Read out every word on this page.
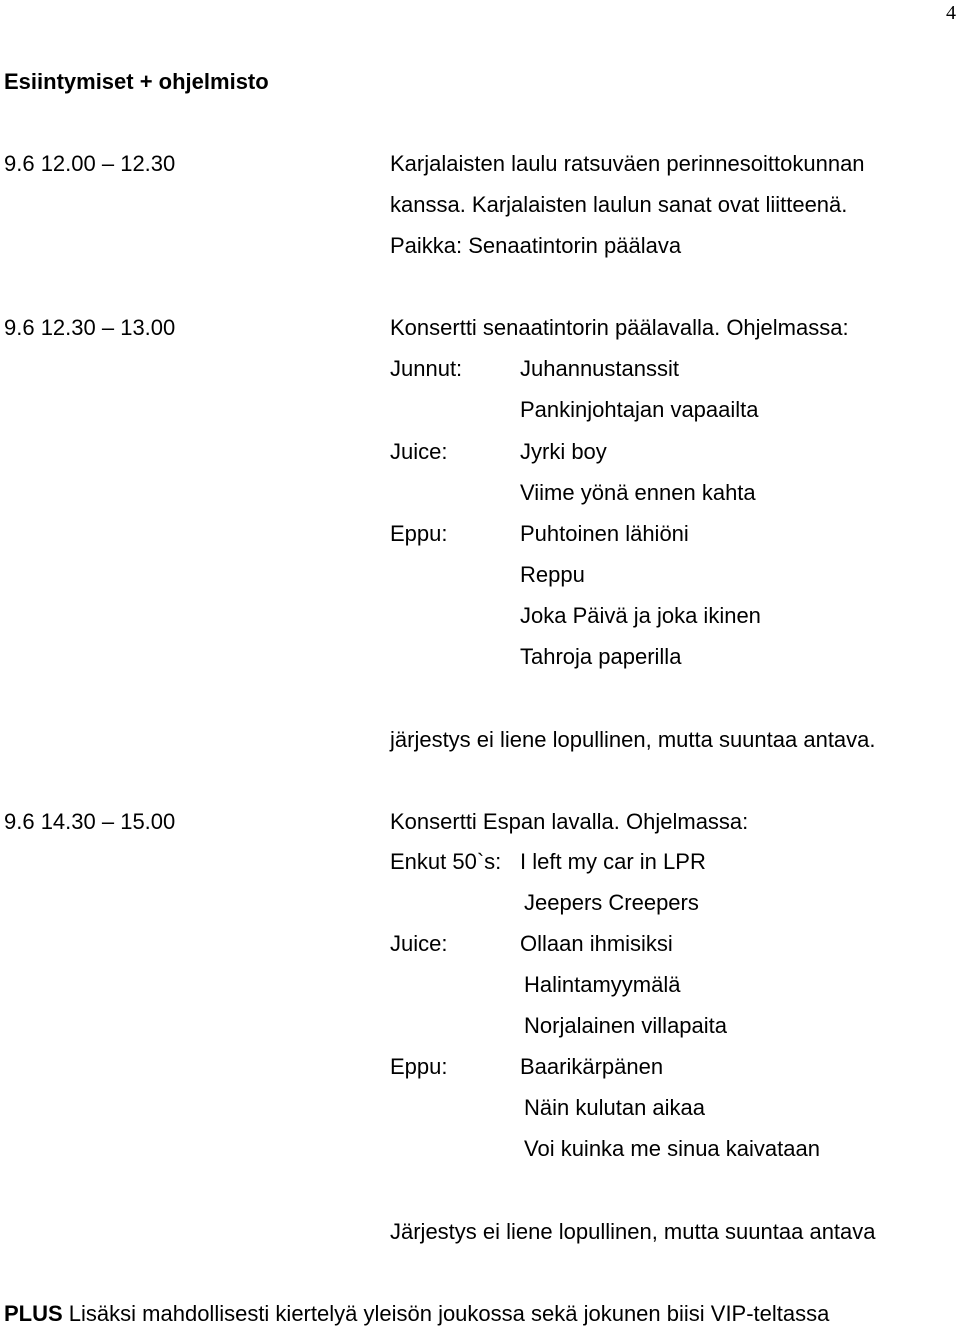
4
Esiintymiset + ohjelmisto
9.6 12.00 – 12.30	Karjalaisten laulu ratsuväen perinnesoittokunnan
kanssa. Karjalaisten laulun sanat ovat liitteenä.
Paikka: Senaatintorin päälava
9.6 12.30 – 13.00	Konsertti senaatintorin päälavalla. Ohjelmassa:
Junnut:	Juhannustanssit
Pankinjohtajan vapaailta
Juice:	Jyrki boy
Viime yönä ennen kahta
Eppu:	Puhtoinen lähiöni
Reppu
Joka Päivä ja joka ikinen
Tahroja paperilla
järjestys ei liene lopullinen, mutta suuntaa antava.
9.6 14.30 – 15.00	Konsertti Espan lavalla. Ohjelmassa:
Enkut 50`s: I left my car in LPR
Jeepers Creepers
Juice:	Ollaan ihmisiksi
Halintamyymälä
Norjalainen villapaita
Eppu:	Baarikärpänen
Näin kulutan aikaa
Voi kuinka me sinua kaivataan
Järjestys ei liene lopullinen, mutta suuntaa antava
PLUS Lisäksi mahdollisesti kiertelyä yleisön joukossa sekä jokunen biisi VIP-teltassa
